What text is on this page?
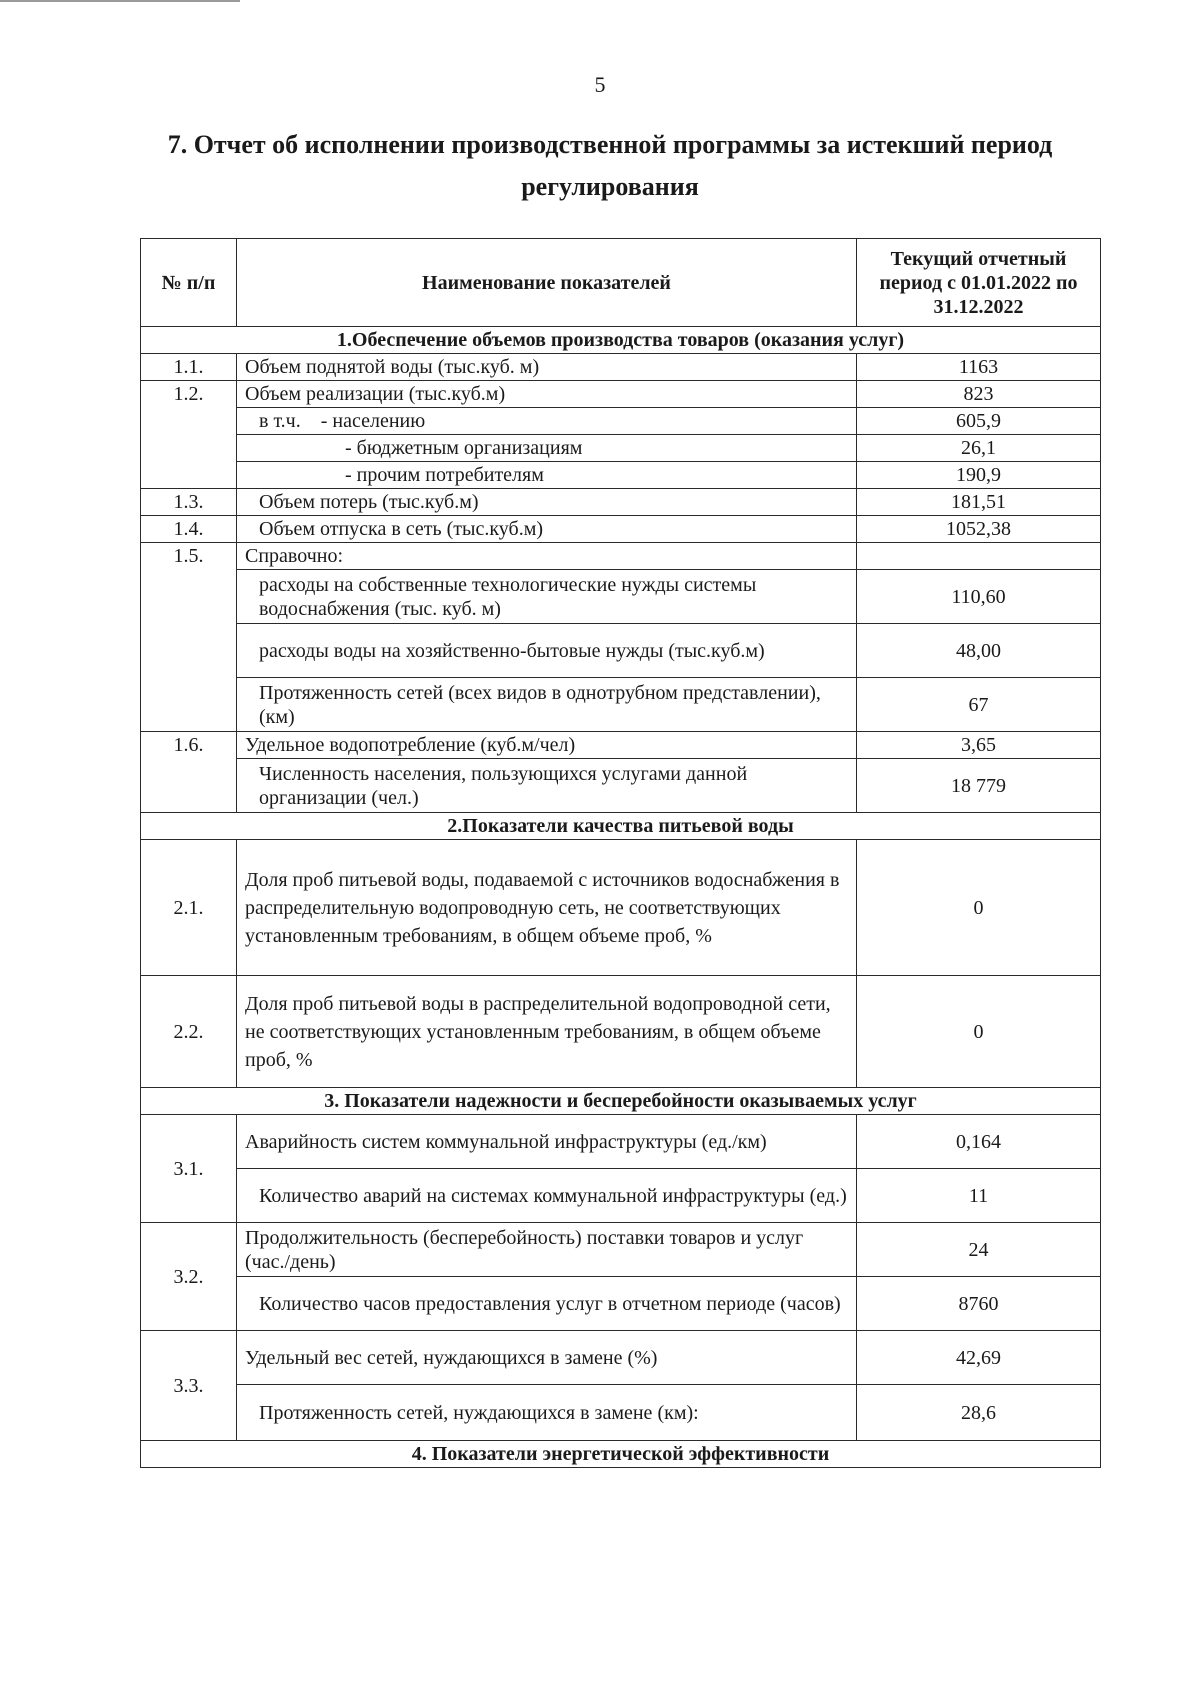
5
7. Отчет об исполнении производственной программы за истекший период
регулирования
№ п/п	Наименование показателей	Текущий отчетный период с 01.01.2022 по 31.12.2022
1.Обеспечение объемов производства товаров (оказания услуг)		
1.1.	Объем поднятой воды (тыс.куб. м)	1163
1.2.	Объем реализации (тыс.куб.м)	823
	в т.ч.    - населению	605,9
	- бюджетным организациям	26,1
	- прочим потребителям	190,9
1.3.	Объем потерь (тыс.куб.м)	181,51
1.4.	Объем отпуска в сеть (тыс.куб.м)	1052,38
1.5.	Справочно:	
	расходы на собственные технологические нужды системы водоснабжения (тыс. куб. м)	110,60
	расходы воды на хозяйственно-бытовые нужды (тыс.куб.м)	48,00
	Протяженность сетей (всех видов в однотрубном представлении), (км)	67
1.6.	Удельное водопотребление (куб.м/чел)	3,65
	Численность населения, пользующихся услугами данной организации (чел.)	18 779
2.Показатели качества питьевой воды		
2.1.	Доля проб питьевой воды, подаваемой с источников водоснабжения в распределительную водопроводную сеть, не соответствующих установленным требованиям, в общем объеме проб, %	0
2.2.	Доля проб питьевой воды в распределительной водопроводной сети, не соответствующих установленным требованиям, в общем объеме проб, %	0
3. Показатели надежности и бесперебойности оказываемых услуг		
3.1.	Аварийность систем коммунальной инфраструктуры (ед./км)	0,164
	Количество аварий на системах коммунальной инфраструктуры (ед.)	11
3.2.	Продолжительность (бесперебойность) поставки товаров и услуг (час./день)	24
	Количество часов предоставления услуг в отчетном периоде (часов)	8760
3.3.	Удельный вес сетей, нуждающихся в замене (%)	42,69
	Протяженность сетей, нуждающихся в замене (км):	28,6
4. Показатели энергетической эффективности		
